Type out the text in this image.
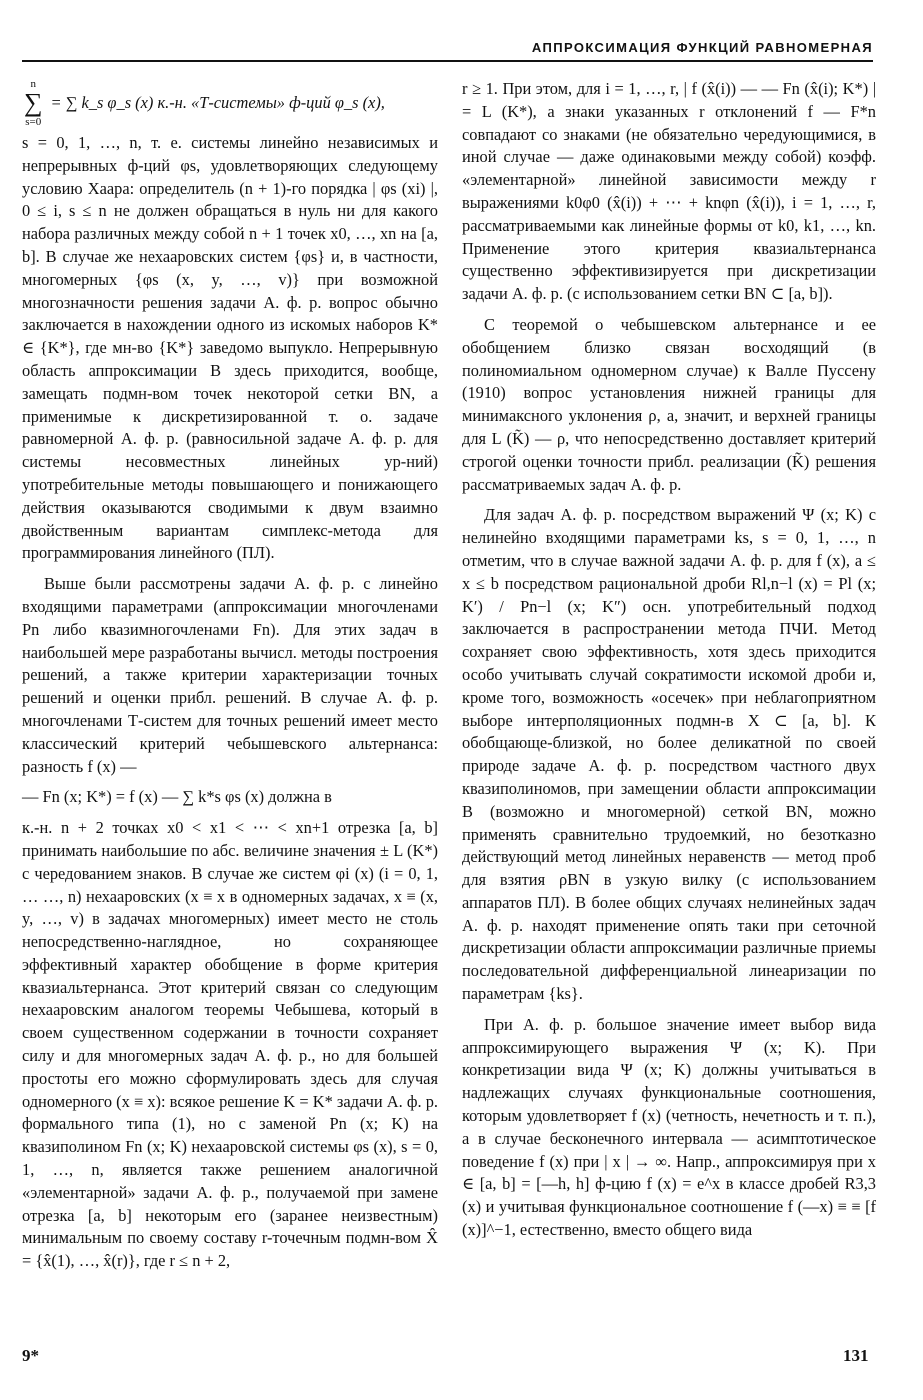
АППРОКСИМАЦИЯ ФУНКЦИЙ РАВНОМЕРНАЯ
n
∑
s=0
= ∑ k_s φ_s (x) к.-н. «Т-системы» ф-ций φ_s (x),

s = 0, 1, …, n, т. е. системы линейно независимых и непрерывных ф-ций φs, удовлетворяющих следующему условию Хаара: определитель (n + 1)-го порядка | φs (xi) |, 0 ≤ i, s ≤ n не должен обращаться в нуль ни для какого набора различных между собой n + 1 точек x0, …, xn на [a, b]. В случае же нехааровских систем {φs} и, в частности, многомерных {φs (x, y, …, v)} при возможной многозначности решения задачи А. ф. р. вопрос обычно заключается в нахождении одного из искомых наборов K* ∈ {K*}, где мн-во {K*} заведомо выпукло. Непрерывную область аппроксимации B здесь приходится, вообще, замещать подмн-вом точек некоторой сетки BN, а применимые к дискретизированной т. о. задаче равномерной А. ф. р. (равносильной задаче А. ф. р. для системы несовместных линейных ур-ний) употребительные методы повышающего и понижающего действия оказываются сводимыми к двум взаимно двойственным вариантам симплекс-метода для программирования линейного (ПЛ).

Выше были рассмотрены задачи А. ф. р. с линейно входящими параметрами (аппроксимации многочленами Pn либо квазимногочленами Fn). Для этих задач в наибольшей мере разработаны вычисл. методы построения решений, а также критерии характеризации точных решений и оценки прибл. решений. В случае А. ф. р. многочленами Т-систем для точных решений имеет место классический критерий чебышевского альтернанса: разность f (x) —

— Fn (x; K*) = f (x) — ∑ k*s φs (x) должна в

к.-н. n + 2 точках x0 < x1 < ⋯ < xn+1 отрезка [a, b] принимать наибольшие по абс. величине значения ± L (K*) с чередованием знаков. В случае же систем φi (x) (i = 0, 1, … …, n) нехааровских (x ≡ x в одномерных задачах, x ≡ (x, y, …, v) в задачах многомерных) имеет место не столь непосредственно-наглядное, но сохраняющее эффективный характер обобщение в форме критерия квазиальтернанса. Этот критерий связан со следующим нехааровским аналогом теоремы Чебышева, который в своем существенном содержании в точности сохраняет силу и для многомерных задач А. ф. р., но для большей простоты его можно сформулировать здесь для случая одномерного (x ≡ x): всякое решение K = K* задачи А. ф. р. формального типа (1), но с заменой Pn (x; K) на квазиполином Fn (x; K) нехааровской системы φs (x), s = 0, 1, …, n, является также решением аналогичной «элементарной» задачи А. ф. р., получаемой при замене отрезка [a, b] некоторым его (заранее неизвестным) минимальным по своему составу r-точечным подмн-вом X̂ = {x̂(1), …, x̂(r)}, где r ≤ n + 2,

r ≥ 1. При этом, для i = 1, …, r, | f (x̂(i)) — — Fn (x̂(i); K*) | = L (K*), а знаки указанных r отклонений f — F*n совпадают со знаками (не обязательно чередующимися, в иной случае — даже одинаковыми между собой) коэфф. «элементарной» линейной зависимости между r выражениями k0φ0 (x̂(i)) + ⋯ + knφn (x̂(i)), i = 1, …, r, рассматриваемыми как линейные формы от k0, k1, …, kn. Применение этого критерия квазиальтернанса существенно эффективизируется при дискретизации задачи А. ф. р. (с использованием сетки BN ⊂ [a, b]).

С теоремой о чебышевском альтернансе и ее обобщением близко связан восходящий (в полиномиальном одномерном случае) к Валле Пуссену (1910) вопрос установления нижней границы для минимаксного уклонения ρ, а, значит, и верхней границы для L (K̃) — ρ, что непосредственно доставляет критерий строгой оценки точности прибл. реализации (K̃) решения рассматриваемых задач А. ф. р.

Для задач А. ф. р. посредством выражений Ψ (x; K) с нелинейно входящими параметрами ks, s = 0, 1, …, n отметим, что в случае важной задачи А. ф. р. для f (x), a ≤ x ≤ b посредством рациональной дроби Rl,n−l (x) = Pl (x; K′) / Pn−l (x; K″) осн. употребительный подход заключается в распространении метода ПЧИ. Метод сохраняет свою эффективность, хотя здесь приходится особо учитывать случай сократимости искомой дроби и, кроме того, возможность «осечек» при неблагоприятном выборе интерполяционных подмн-в X ⊂ [a, b]. К обобщающе-близкой, но более деликатной по своей природе задаче А. ф. р. посредством частного двух квазиполиномов, при замещении области аппроксимации B (возможно и многомерной) сеткой BN, можно применять сравнительно трудоемкий, но безотказно действующий метод линейных неравенств — метод проб для взятия ρBN в узкую вилку (с использованием аппаратов ПЛ). В более общих случаях нелинейных задач А. ф. р. находят применение опять таки при сеточной дискретизации области аппроксимации различные приемы последовательной дифференциальной линеаризации по параметрам {ks}.

При А. ф. р. большое значение имеет выбор вида аппроксимирующего выражения Ψ (x; K). При конкретизации вида Ψ (x; K) должны учитываться в надлежащих случаях функциональные соотношения, которым удовлетворяет f (x) (четность, нечетность и т. п.), а в случае бесконечного интервала — асимптотическое поведение f (x) при | x | → ∞. Напр., аппроксимируя при x ∈ [a, b] = [—h, h] ф-цию f (x) = e^x в классе дробей R3,3 (x) и учитывая функциональное соотношение f (—x) ≡ ≡ [f (x)]^−1, естественно, вместо общего вида

9*	131
